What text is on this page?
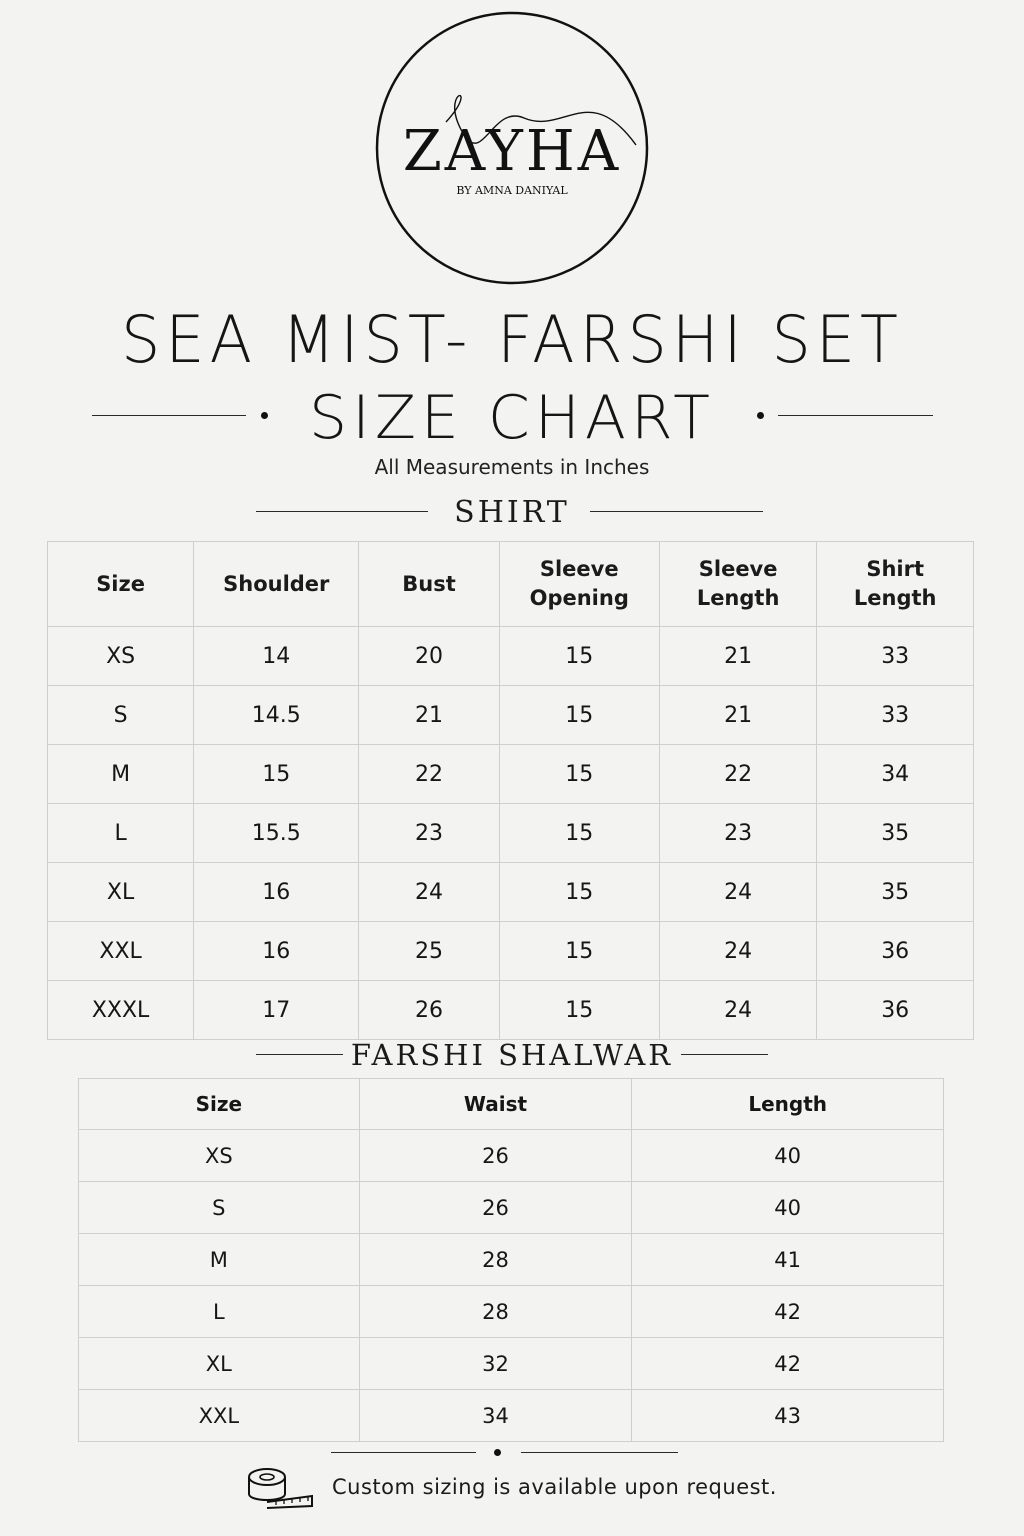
ZAYHA
BY AMNA DANIYAL
SEA MIST- FARSHI SET
SIZE CHART
All Measurements in Inches
SHIRT
Size	Shoulder	Bust	Sleeve Opening	Sleeve Length	Shirt Length
XS	14	20	15	21	33
S	14.5	21	15	21	33
M	15	22	15	22	34
L	15.5	23	15	23	35
XL	16	24	15	24	35
XXL	16	25	15	24	36
XXXL	17	26	15	24	36
FARSHI SHALWAR
Size	Waist	Length
XS	26	40
S	26	40
M	28	41
L	28	42
XL	32	42
XXL	34	43
Custom sizing is available upon request.
